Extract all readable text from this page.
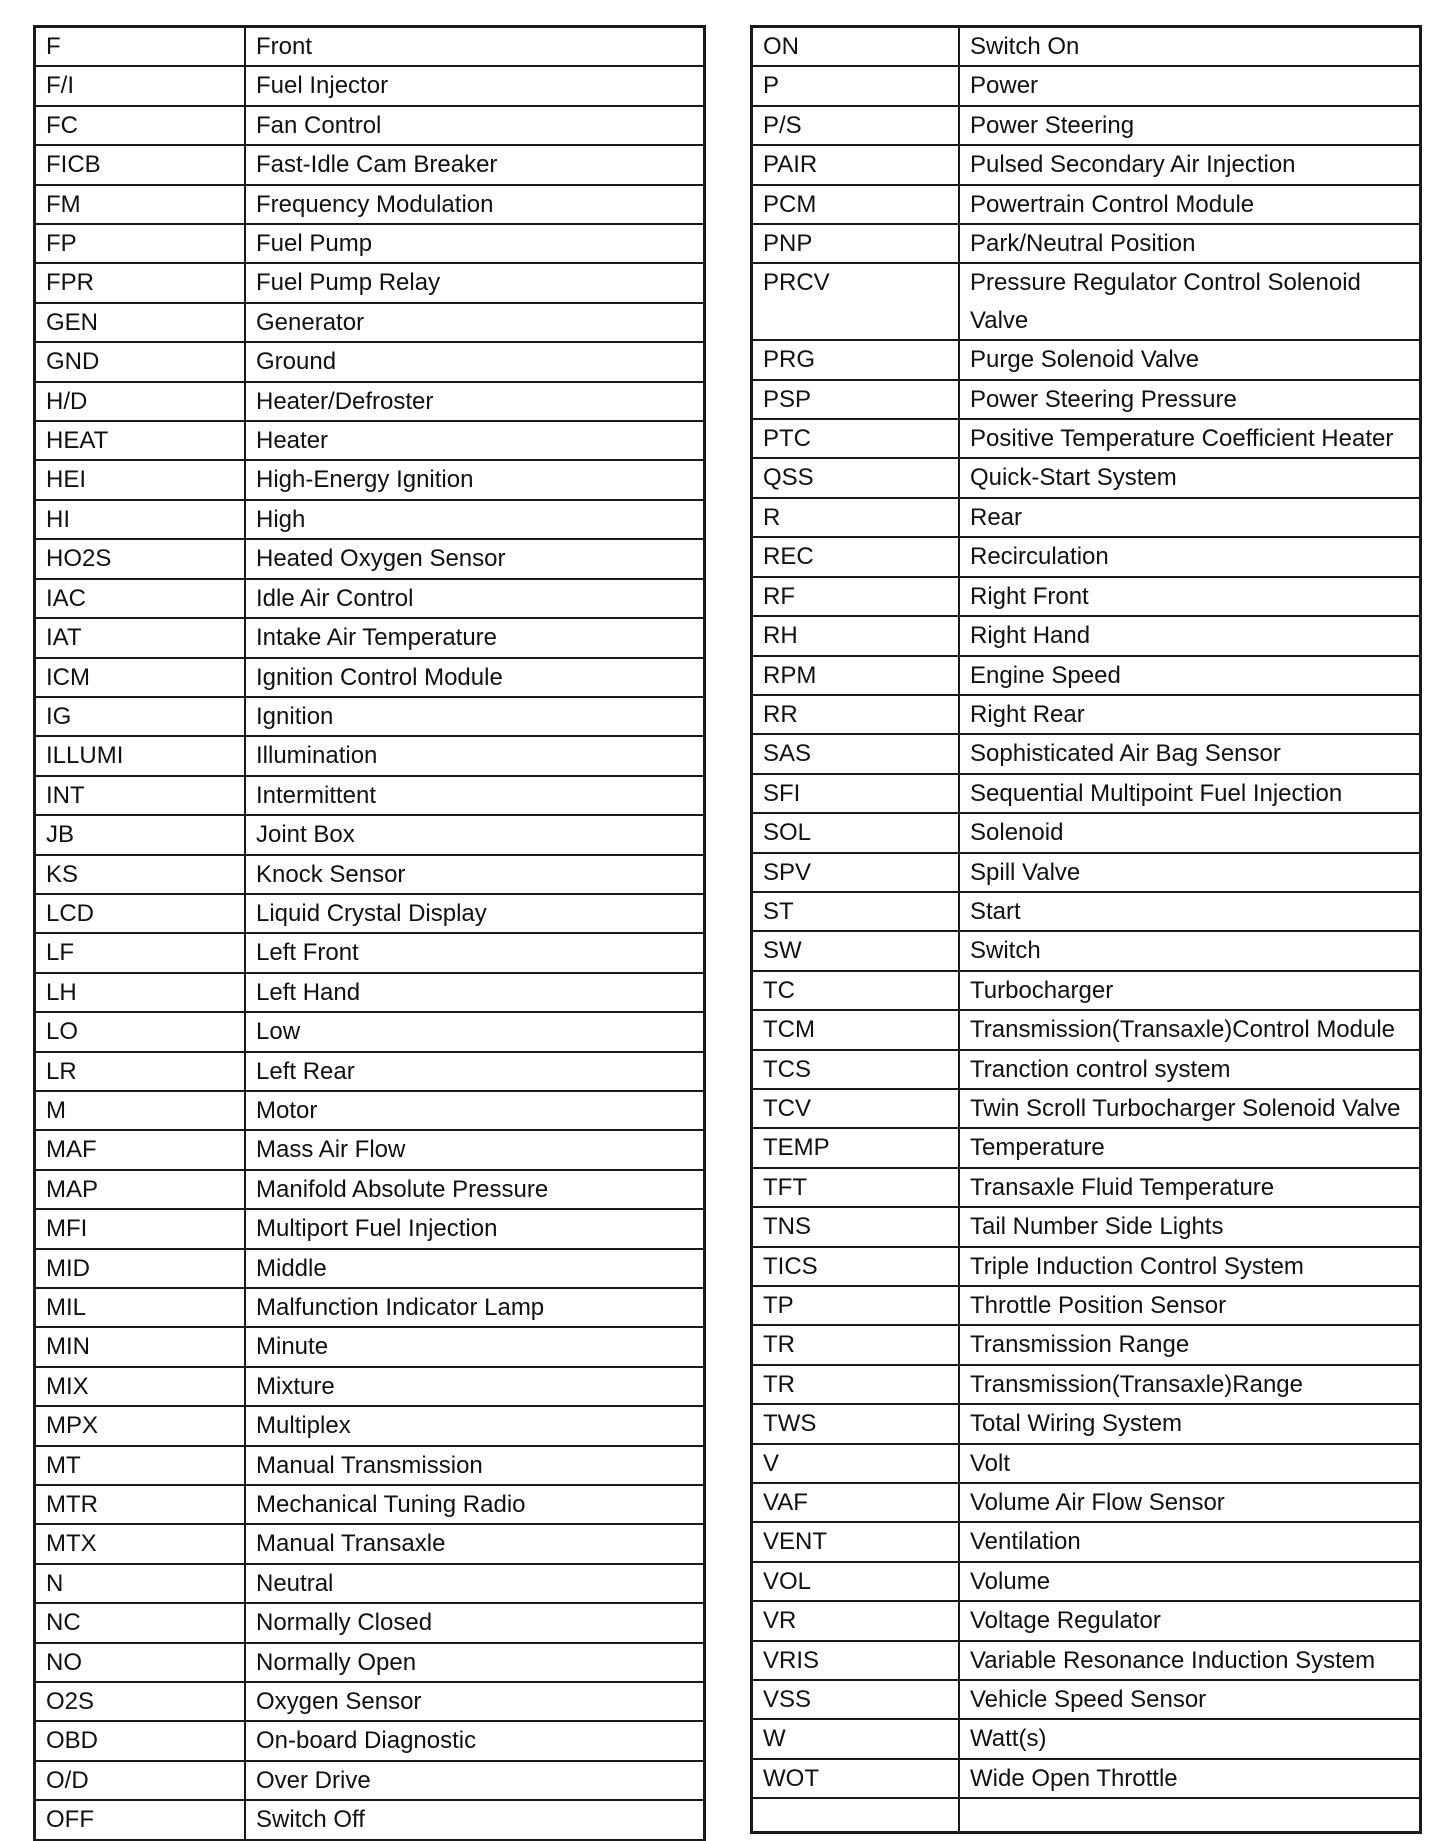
F	Front
F/I	Fuel Injector
FC	Fan Control
FICB	Fast-Idle Cam Breaker
FM	Frequency Modulation
FP	Fuel Pump
FPR	Fuel Pump Relay
GEN	Generator
GND	Ground
H/D	Heater/Defroster
HEAT	Heater
HEI	High-Energy Ignition
HI	High
HO2S	Heated Oxygen Sensor
IAC	Idle Air Control
IAT	Intake Air Temperature
ICM	Ignition Control Module
IG	Ignition
ILLUMI	Illumination
INT	Intermittent
JB	Joint Box
KS	Knock Sensor
LCD	Liquid Crystal Display
LF	Left Front
LH	Left Hand
LO	Low
LR	Left Rear
M	Motor
MAF	Mass Air Flow
MAP	Manifold Absolute Pressure
MFI	Multiport Fuel Injection
MID	Middle
MIL	Malfunction Indicator Lamp
MIN	Minute
MIX	Mixture
MPX	Multiplex
MT	Manual Transmission
MTR	Mechanical Tuning Radio
MTX	Manual Transaxle
N	Neutral
NC	Normally Closed
NO	Normally Open
O2S	Oxygen Sensor
OBD	On-board Diagnostic
O/D	Over Drive
OFF	Switch Off
ON	Switch On
P	Power
P/S	Power Steering
PAIR	Pulsed Secondary Air Injection
PCM	Powertrain Control Module
PNP	Park/Neutral Position
PRCV	Pressure Regulator Control Solenoid Valve
PRG	Purge Solenoid Valve
PSP	Power Steering Pressure
PTC	Positive Temperature Coefficient Heater
QSS	Quick-Start System
R	Rear
REC	Recirculation
RF	Right Front
RH	Right Hand
RPM	Engine Speed
RR	Right Rear
SAS	Sophisticated Air Bag Sensor
SFI	Sequential Multipoint Fuel Injection
SOL	Solenoid
SPV	Spill Valve
ST	Start
SW	Switch
TC	Turbocharger
TCM	Transmission(Transaxle)Control Module
TCS	Tranction control system
TCV	Twin Scroll Turbocharger Solenoid Valve
TEMP	Temperature
TFT	Transaxle Fluid Temperature
TNS	Tail Number Side Lights
TICS	Triple Induction Control System
TP	Throttle Position Sensor
TR	Transmission Range
TR	Transmission(Transaxle)Range
TWS	Total Wiring System
V	Volt
VAF	Volume Air Flow Sensor
VENT	Ventilation
VOL	Volume
VR	Voltage Regulator
VRIS	Variable Resonance Induction System
VSS	Vehicle Speed Sensor
W	Watt(s)
WOT	Wide Open Throttle
